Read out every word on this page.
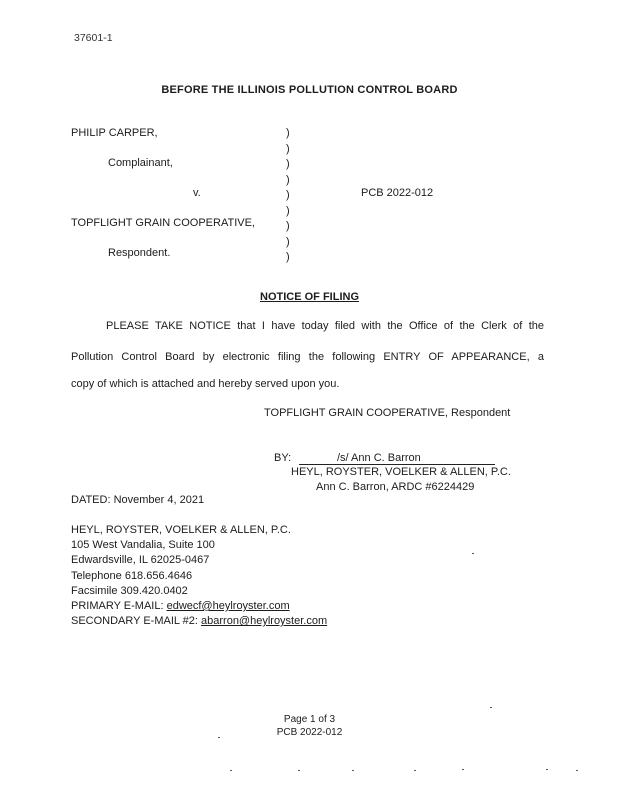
37601-1
BEFORE THE ILLINOIS POLLUTION CONTROL BOARD
PHILIP CARPER,
Complainant,
v.
TOPFLIGHT GRAIN COOPERATIVE,
Respondent.
)
)
)
)
)
)
)
)
)
PCB 2022-012
NOTICE OF FILING
PLEASE TAKE NOTICE that I have today filed with the Office of the Clerk of the
Pollution Control Board by electronic filing the following ENTRY OF APPEARANCE, a
copy of which is attached and hereby served upon you.
TOPFLIGHT GRAIN COOPERATIVE, Respondent
BY:	/s/ Ann C. Barron
HEYL, ROYSTER, VOELKER & ALLEN, P.C.
Ann C. Barron, ARDC #6224429
DATED: November 4, 2021
HEYL, ROYSTER, VOELKER & ALLEN, P.C.
105 West Vandalia, Suite 100
Edwardsville, IL 62025-0467
Telephone 618.656.4646
Facsimile 309.420.0402
PRIMARY E-MAIL: edwecf@heylroyster.com
SECONDARY E-MAIL #2: abarron@heylroyster.com
Page 1 of 3
PCB 2022-012
